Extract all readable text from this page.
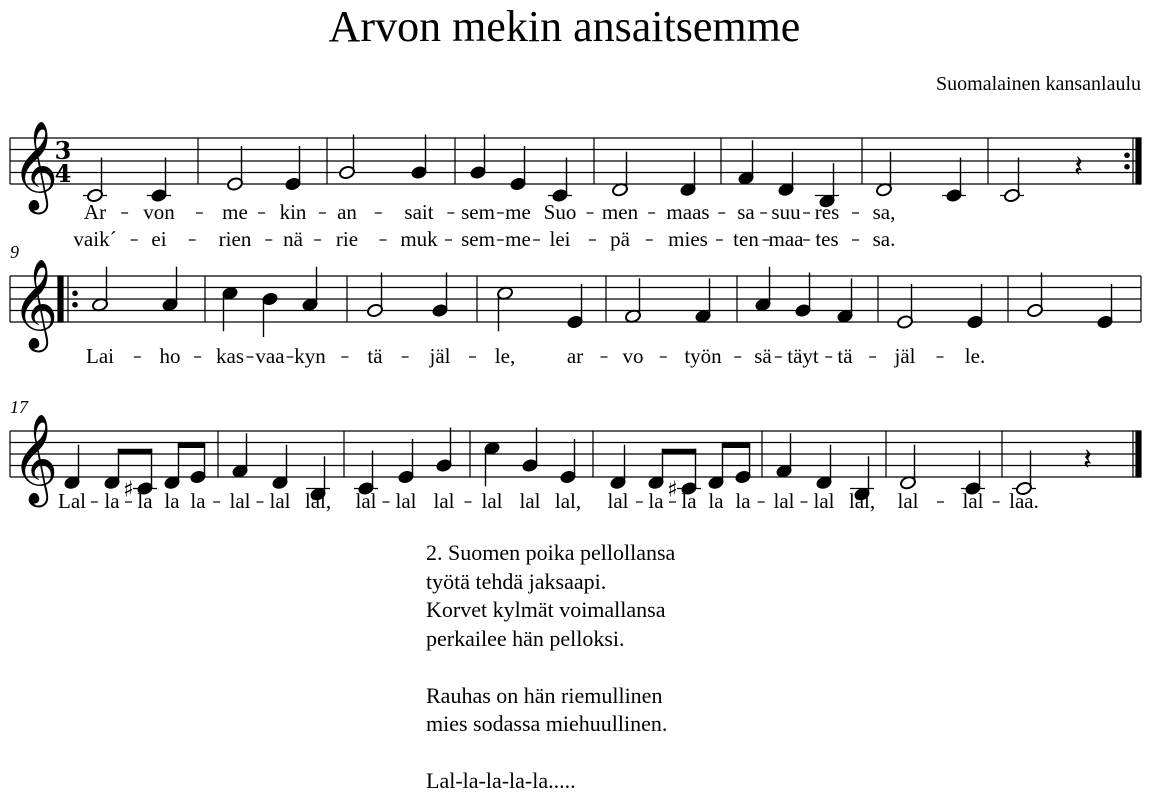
Arvon mekin ansaitsemme
Suomalainen kansanlaulu
𝄽
♯	♯
𝄽
𝄞
3
4
Ar von me kin an sait sem me Suo men maas sa suu res sa,
vaik´ ei rien nä rie muk sem me lei pä mies ten maa tes sa.
𝄞
9
Lai ho kas vaa kyn tä jäl le, ar vo työn sä täyt tä jäl le.
𝄞
17
Lal la la la la lal lal lal, lal lal lal lal lal lal, lal la la la la lal lal lal, lal lal laa.
2. Suomen poika pellollansa
työtä tehdä jaksaapi.
Korvet kylmät voimallansa
perkailee hän pelloksi.
Rauhas on hän riemullinen
mies sodassa miehuullinen.
Lal-la-la-la-la.....
